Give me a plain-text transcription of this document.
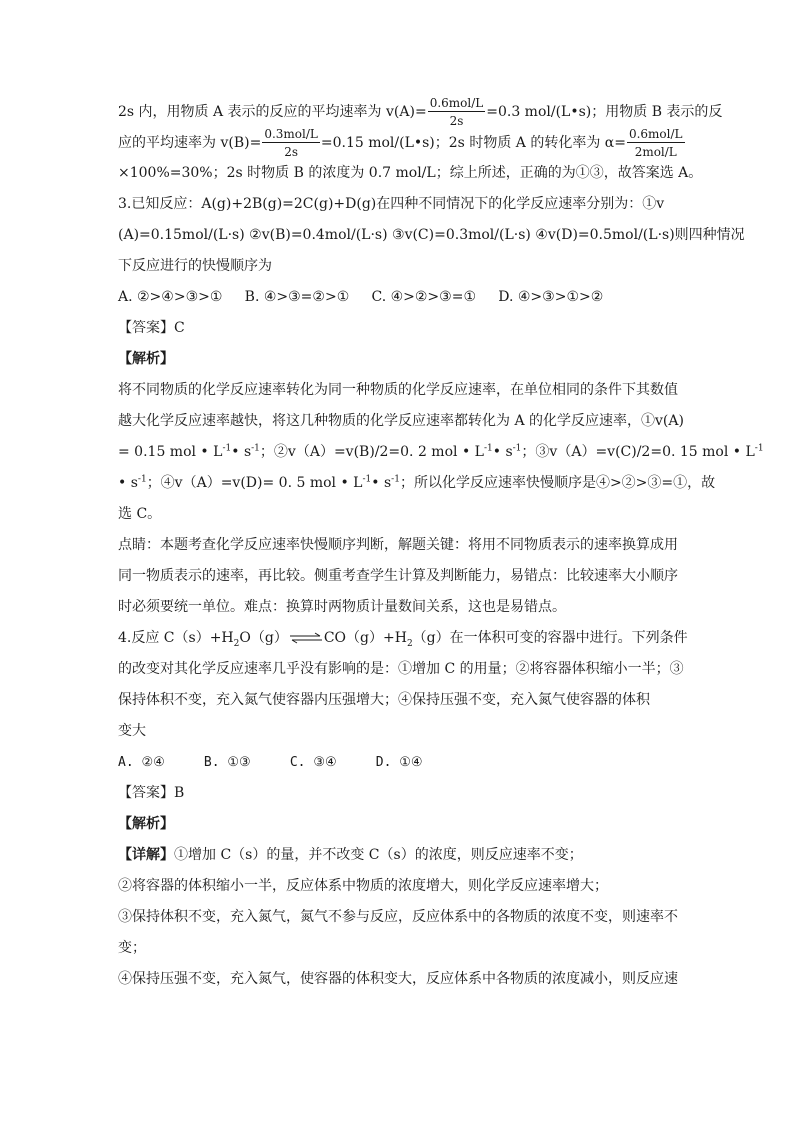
2s 内，用物质 A 表示的反应的平均速率为 $v(A)= \frac{\text{0.6mol/L}}{2s} =0.3$ mol/(L•s)；用物质 B 表示的反
应的平均速率为 $v(B)= \frac{\text{0.3mol/L}}{2s} =0.15$ mol/(L•s)；2s 时物质 A 的转化率为 $\alpha= \frac{\text{0.6mol/L}}{\text{2mol/L}}$
×100%=30%；2s 时物质 B 的浓度为 0.7 mol/L；综上所述，正确的为①③，故答案选 A。
3.已知反应：A(g)+2B(g)=2C(g)+D(g)在四种不同情况下的化学反应速率分别为：①v
(A)=0.15mol/(L·s) ②v(B)=0.4mol/(L·s) ③v(C)=0.3mol/(L·s) ④v(D)=0.5mol/(L·s)则四种情况
下反应进行的快慢顺序为
A. ②>④>③>①     B. ④>③=②>①     C. ④>②>③=①     D. ④>③>①>②
【答案】C
【解析】
将不同物质的化学反应速率转化为同一种物质的化学反应速率，在单位相同的条件下其数值
越大化学反应速率越快，将这几种物质的化学反应速率都转化为 A 的化学反应速率，①v(A)
= 0.15 mol • $L^{-1}•$ $s^{-1}$；②v（A）=v(B)/2=0. 2 mol • $L^{-1}•$ $s^{-1}$；③v（A）=v(C)/2=0. 15 mol • $L^{-1}$
• $s^{-1}$；④v（A）=v(D)= 0. 5 mol • $L^{-1}•$ $s^{-1}$；所以化学反应速率快慢顺序是④>②>③=①，故
选 C。
点睛：本题考查化学反应速率快慢顺序判断，解题关键：将用不同物质表示的速率换算成用
同一物质表示的速率，再比较。侧重考查学生计算及判断能力，易错点：比较速率大小顺序
时必须要统一单位。难点：换算时两物质计量数间关系，这也是易错点。
4.反应 $C(s)+H_2O(g)\rightleftharpoons CO(g)+H_2(g)$在一体积可变的容器中进行。下列条件
的改变对其化学反应速率几乎没有影响的是：①增加 C 的用量；②将容器体积缩小一半；③
保持体积不变，充入氮气使容器内压强增大；④保持压强不变，充入氮气使容器的体积
变大
A. ②④     B. ①③     C. ③④     D. ①④
【答案】B
【解析】
【详解】①增加 C（s）的量，并不改变 C（s）的浓度，则反应速率不变；
②将容器的体积缩小一半，反应体系中物质的浓度增大，则化学反应速率增大；
③保持体积不变，充入氮气，氮气不参与反应，反应体系中的各物质的浓度不变，则速率不
变；
④保持压强不变，充入氮气，使容器的体积变大，反应体系中各物质的浓度减小，则反应速
